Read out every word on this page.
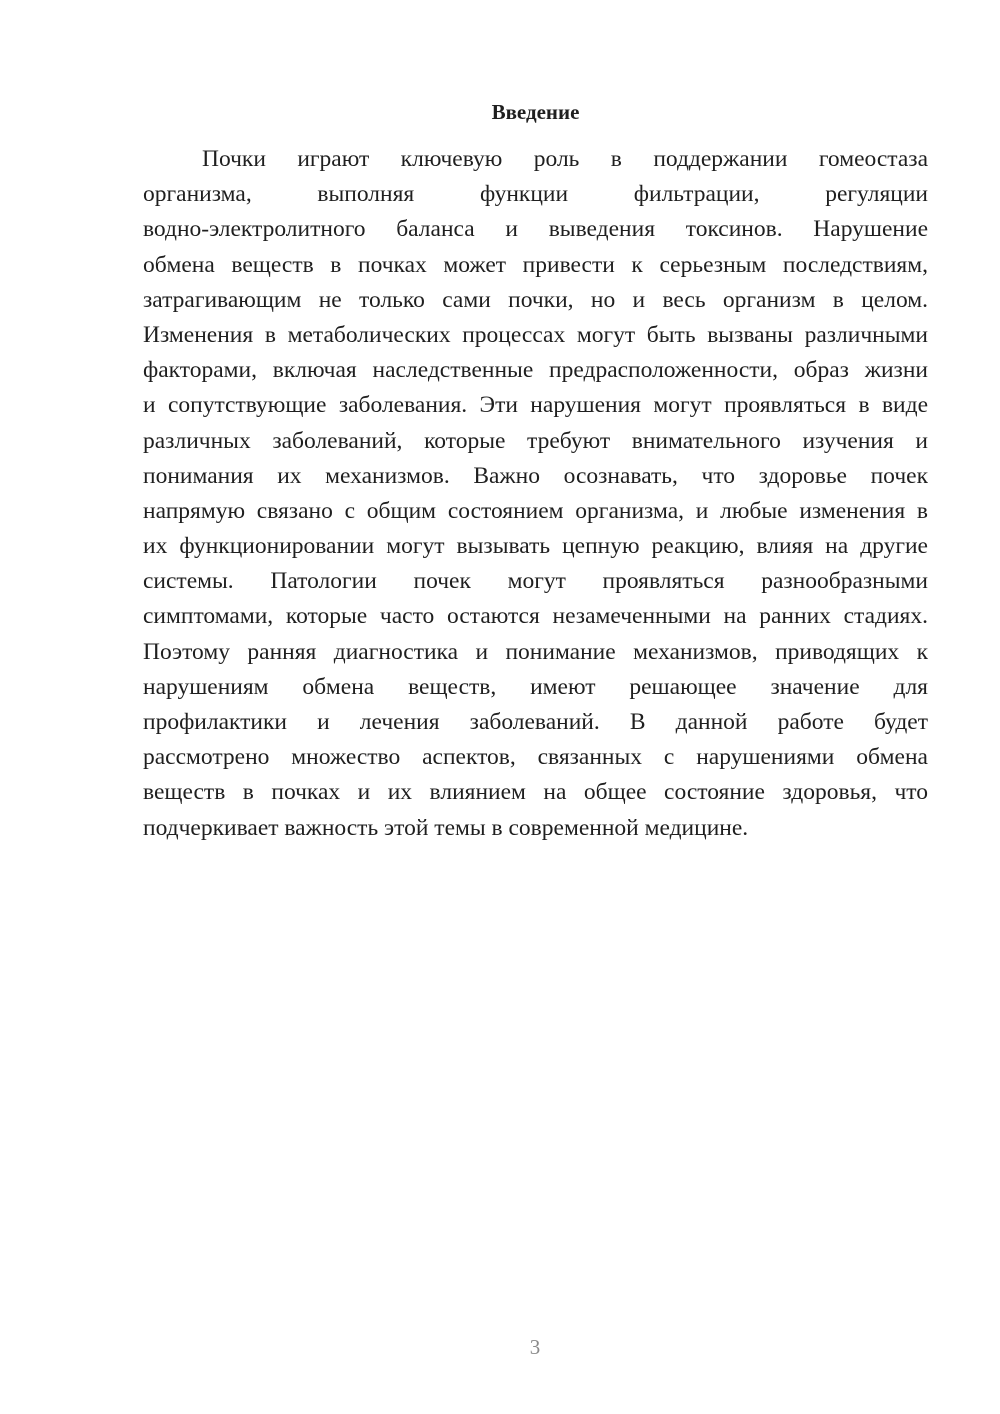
Введение
Почки играют ключевую роль в поддержании гомеостаза
организма, выполняя функции фильтрации, регуляции
водно-электролитного баланса и выведения токсинов. Нарушение
обмена веществ в почках может привести к серьезным последствиям,
затрагивающим не только сами почки, но и весь организм в целом.
Изменения в метаболических процессах могут быть вызваны различными
факторами, включая наследственные предрасположенности, образ жизни
и сопутствующие заболевания. Эти нарушения могут проявляться в виде
различных заболеваний, которые требуют внимательного изучения и
понимания их механизмов. Важно осознавать, что здоровье почек
напрямую связано с общим состоянием организма, и любые изменения в
их функционировании могут вызывать цепную реакцию, влияя на другие
системы. Патологии почек могут проявляться разнообразными
симптомами, которые часто остаются незамеченными на ранних стадиях.
Поэтому ранняя диагностика и понимание механизмов, приводящих к
нарушениям обмена веществ, имеют решающее значение для
профилактики и лечения заболеваний. В данной работе будет
рассмотрено множество аспектов, связанных с нарушениями обмена
веществ в почках и их влиянием на общее состояние здоровья, что
подчеркивает важность этой темы в современной медицине.
3
